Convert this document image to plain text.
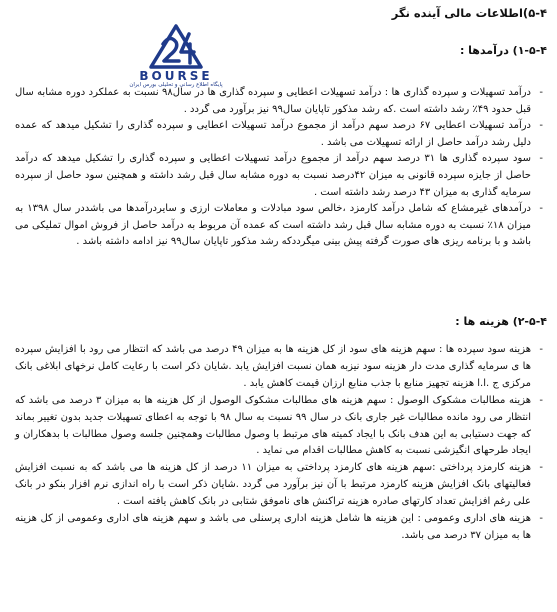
۵-۴)اطلاعات مالی آینده نگر
BOURSE
پایگاه اطلاع رسانی و تحلیلی بورس ایران
۱-۵-۴) درآمدها :
-
درآمد تسهیلات و سپرده گذاری ها : درآمد تسهیلات اعطایی و سپرده گذاری ها در سال۹۸ نسبت به عملکرد دوره مشابه سال قبل حدود ۴۹٪ رشد داشته است .که رشد مذکور تاپایان سال۹۹ نیز برآورد می گردد .
-
درآمد تسهیلات اعطایی ۶۷ درصد سهم درآمد از مجموع درآمد تسهیلات اعطایی و سپرده گذاری را تشکیل میدهد که عمده دلیل رشد درآمد حاصل از ارائه تسهیلات می باشد .
-
سود سپرده گذاری ها ۳۱ درصد سهم درآمد از مجموع درآمد تسهیلات اعطایی و سپرده گذاری را تشکیل میدهد که درآمد حاصل از جایزه سپرده قانونی به میزان ۴۲درصد نسبت به دوره مشابه سال قبل رشد داشته و همچنین سود حاصل از سپرده سرمایه گذاری به میزان ۴۳ درصد رشد داشته است .
-
درآمدهای غیرمشاع که شامل درآمد کارمزد ،خالص سود مبادلات و معاملات ارزی و سایردرآمدها می باشددر سال ۱۳۹۸ به میزان ۱۸٪ نسبت به دوره مشابه سال قبل رشد داشته است که عمده آن مربوط به درآمد حاصل از فروش اموال تملیکی می باشد و با برنامه ریزی های صورت گرفته پیش بینی میگرددکه رشد مذکور تاپایان سال۹۹ نیز ادامه داشته باشد .
۲-۵-۴) هزینه ها :
-
هزینه سود سپرده ها : سهم هزینه های سود از کل هزینه ها به میزان ۴۹ درصد می باشد که انتظار می رود با افزایش سپرده ها ی سرمایه گذاری مدت دار هزینه سود نیزبه همان نسبت افزایش یابد .شایان ذکر است با رعایت کامل نرخهای ابلاغی بانک مرکزی ج .ا.ا هزینه تجهیز منابع با جذب منابع ارزان قیمت کاهش یابد .
-
هزینه مطالبات مشکوک الوصول : سهم هزینه های مطالبات مشکوک الوصول از کل هزینه ها به میزان ۳ درصد می باشد که انتظار می رود مانده مطالبات غیر جاری بانک در سال ۹۹ نسبت به سال ۹۸ با توجه به اعطای تسهیلات جدید بدون تغییر بماند که جهت دستیابی به این هدف بانک با ایجاد کمیته های مرتبط با وصول مطالبات وهمچنین جلسه وصول مطالبات با بدهکاران و ایجاد طرحهای انگیزشی نسبت به کاهش مطالبات اقدام می نماید .
-
هزینه کارمزد پرداختی :سهم هزینه های کارمزد پرداختی به میزان ۱۱ درصد از کل هزینه ها می باشد که به نسبت افزایش فعالیتهای بانک افزایش هزینه کارمزد مرتبط با آن نیز برآورد می گردد .شایان ذکر است با راه اندازی نرم افزار بنکو در بانک علی رغم افزایش تعداد کارتهای صادره هزینه تراکنش های ناموفق شتابی در بانک کاهش یافته است .
-
هزینه های اداری وعمومی : این هزینه ها شامل هزینه اداری پرسنلی می باشد و سهم هزینه های اداری وعمومی از کل هزینه ها به میزان ۳۷ درصد می باشد.
